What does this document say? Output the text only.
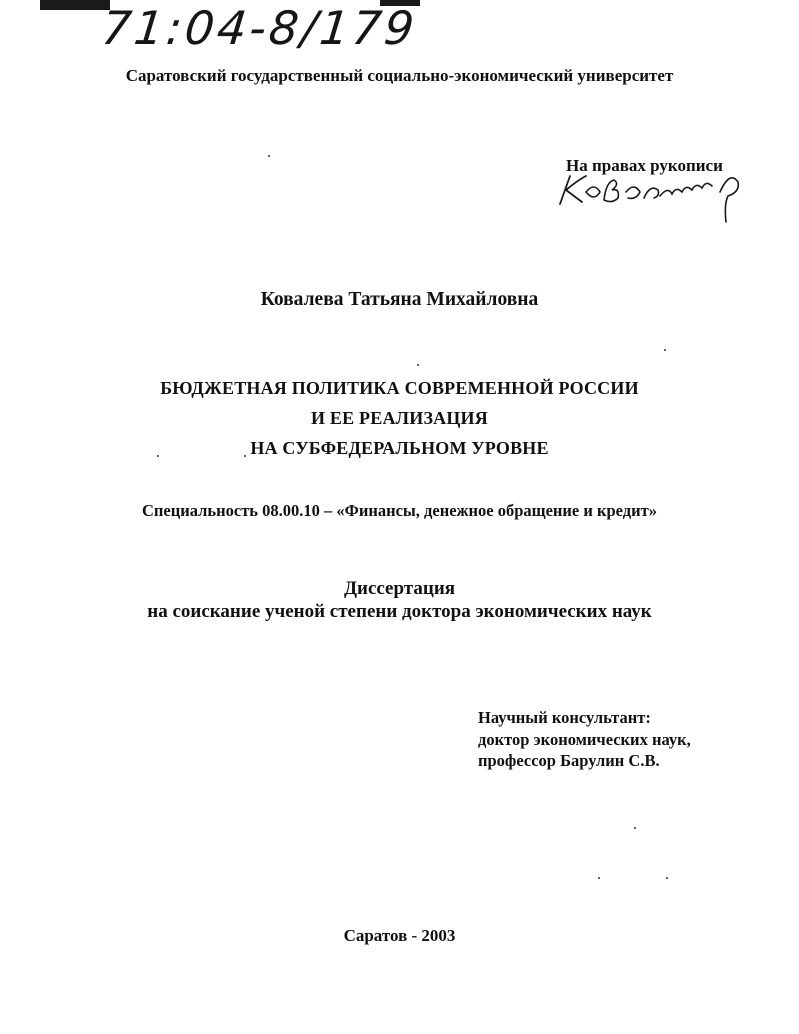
71:04-8/179
Саратовский государственный социально-экономический университет
На правах рукописи
Ковалева Татьяна Михайловна
БЮДЖЕТНАЯ ПОЛИТИКА СОВРЕМЕННОЙ РОССИИ
И ЕЕ РЕАЛИЗАЦИЯ
НА СУБФЕДЕРАЛЬНОМ УРОВНЕ
Специальность 08.00.10 – «Финансы, денежное обращение и кредит»
Диссертация
на соискание ученой степени доктора экономических наук
Научный консультант:
доктор экономических наук,
профессор Барулин С.В.
Саратов - 2003
